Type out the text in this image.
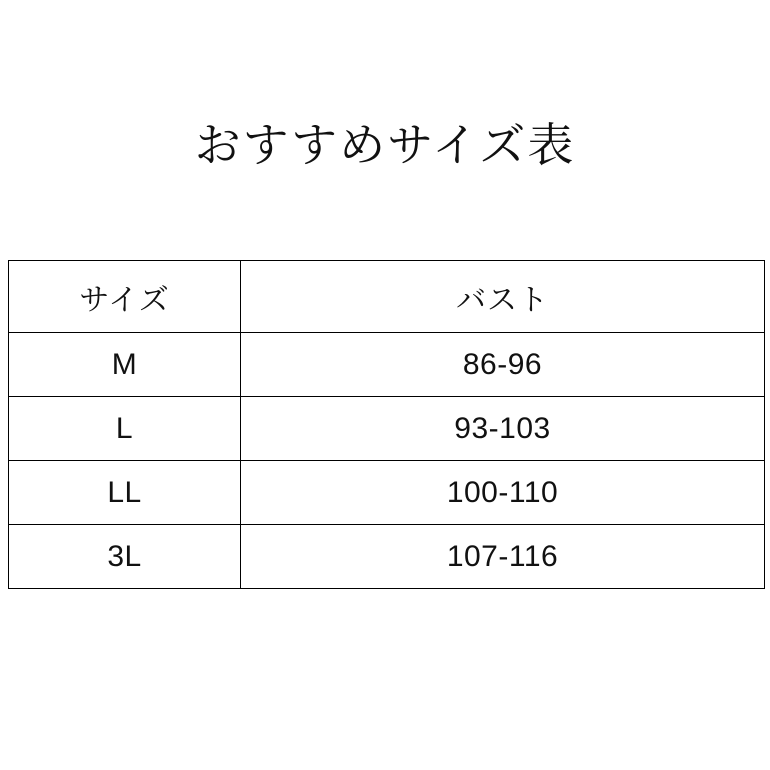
おすすめサイズ表
サイズ	バスト
M	86-96
L	93-103
LL	100-110
3L	107-116
